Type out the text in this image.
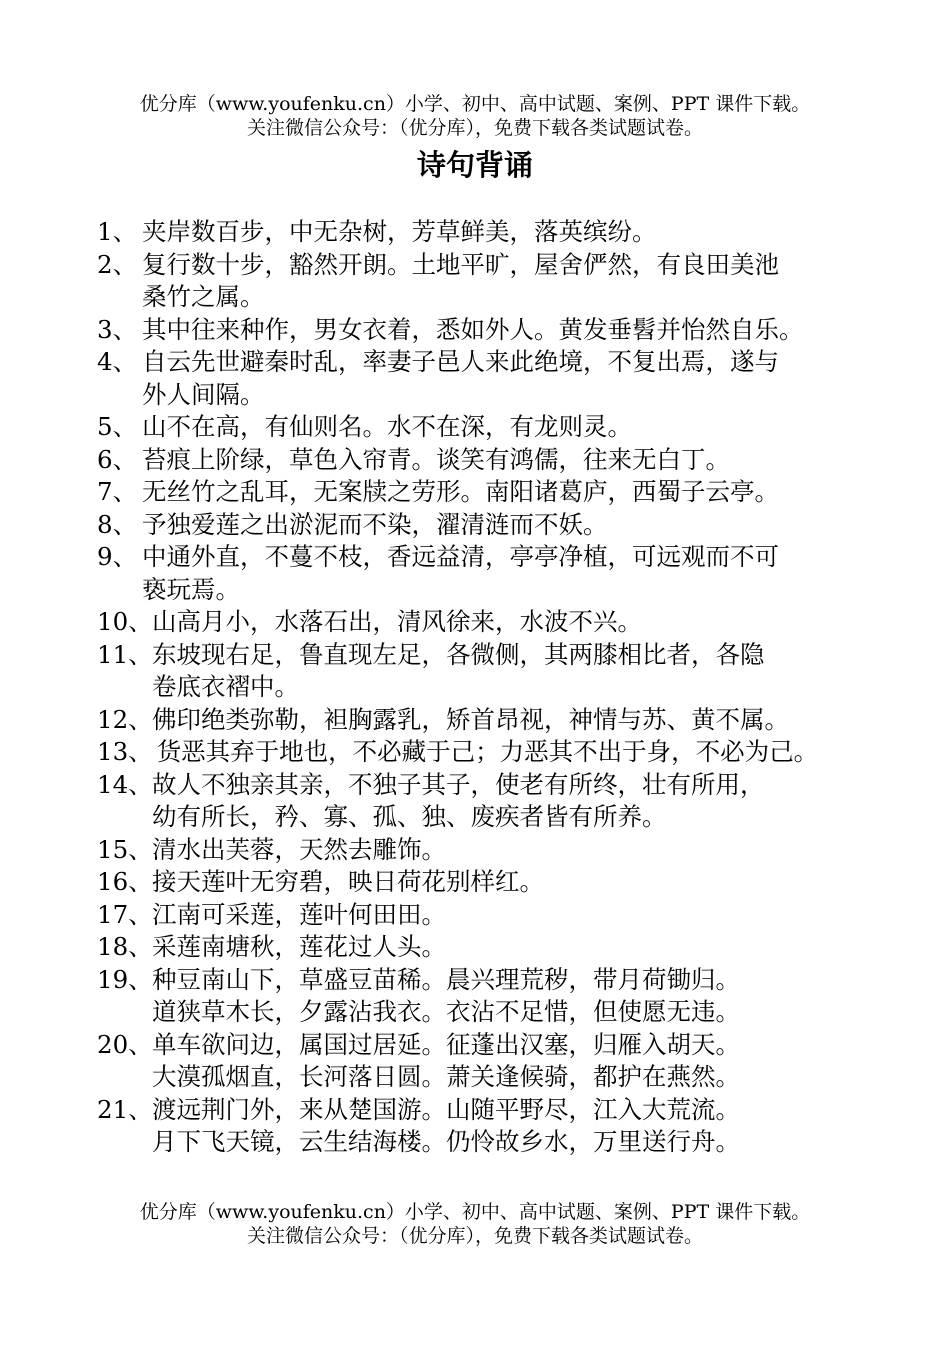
优分库（www.youfenku.cn）小学、初中、高中试题、案例、PPT 课件下载。
关注微信公众号：（优分库），免费下载各类试题试卷。
诗句背诵
1、 夹岸数百步，中无杂树，芳草鲜美，落英缤纷。
2、 复行数十步，豁然开朗。土地平旷，屋舍俨然，有良田美池
桑竹之属。
3、 其中往来种作，男女衣着，悉如外人。黄发垂髫并怡然自乐。
4、 自云先世避秦时乱，率妻子邑人来此绝境，不复出焉，遂与
外人间隔。
5、 山不在高，有仙则名。水不在深，有龙则灵。
6、 苔痕上阶绿，草色入帘青。谈笑有鸿儒，往来无白丁。
7、 无丝竹之乱耳，无案牍之劳形。南阳诸葛庐，西蜀子云亭。
8、 予独爱莲之出淤泥而不染，濯清涟而不妖。
9、 中通外直，不蔓不枝，香远益清，亭亭净植，可远观而不可
亵玩焉。
10、 山高月小，水落石出，清风徐来，水波不兴。
11、 东坡现右足，鲁直现左足，各微侧，其两膝相比者，各隐
卷底衣褶中。
12、 佛印绝类弥勒，袒胸露乳，矫首昂视，神情与苏、黄不属。
13、 货恶其弃于地也，不必藏于己；力恶其不出于身，不必为己。
14、 故人不独亲其亲，不独子其子，使老有所终，壮有所用，
幼有所长，矜、寡、孤、独、废疾者皆有所养。
15、 清水出芙蓉，天然去雕饰。
16、 接天莲叶无穷碧，映日荷花别样红。
17、 江南可采莲，莲叶何田田。
18、 采莲南塘秋，莲花过人头。
19、 种豆南山下，草盛豆苗稀。晨兴理荒秽，带月荷锄归。
道狭草木长，夕露沾我衣。衣沾不足惜，但使愿无违。
20、 单车欲问边，属国过居延。征蓬出汉塞，归雁入胡天。
大漠孤烟直，长河落日圆。萧关逢候骑，都护在燕然。
21、 渡远荆门外，来从楚国游。山随平野尽，江入大荒流。
月下飞天镜，云生结海楼。仍怜故乡水，万里送行舟。
优分库（www.youfenku.cn）小学、初中、高中试题、案例、PPT 课件下载。
关注微信公众号：（优分库），免费下载各类试题试卷。
